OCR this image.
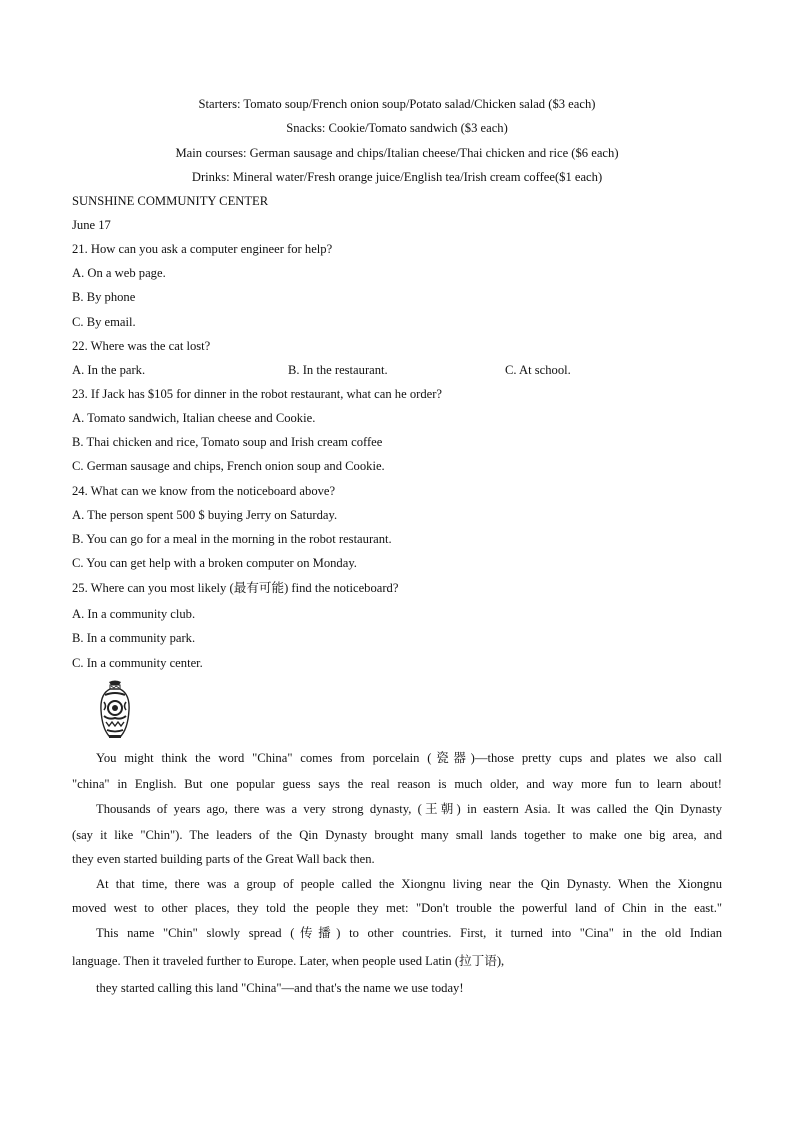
Starters: Tomato soup/French onion soup/Potato salad/Chicken salad ($3 each)
Snacks: Cookie/Tomato sandwich ($3 each)
Main courses: German sausage and chips/Italian cheese/Thai chicken and rice ($6 each)
Drinks: Mineral water/Fresh orange juice/English tea/Irish cream coffee($1 each)
SUNSHINE COMMUNITY CENTER
June 17
21. How can you ask a computer engineer for help?
A. On a web page.
B. By phone
C. By email.
22. Where was the cat lost?
A. In the park.	B. In the restaurant.	C. At school.
23. If Jack has $105 for dinner in the robot restaurant, what can he order?
A. Tomato sandwich, Italian cheese and Cookie.
B. Thai chicken and rice, Tomato soup and Irish cream coffee
C. German sausage and chips, French onion soup and Cookie.
24. What can we know from the noticeboard above?
A. The person spent 500 $ buying Jerry on Saturday.
B. You can go for a meal in the morning in the robot restaurant.
C. You can get help with a broken computer on Monday.
25. Where can you most likely (最有可能) find the noticeboard?
A. In a community club.
B. In a community park.
C. In a community center.
You might think the word "China" comes from porcelain (瓷器)—those pretty cups and plates we also call
"china" in English. But one popular guess says the real reason is much older, and way more fun to learn about!
Thousands of years ago, there was a very strong dynasty, (王朝) in eastern Asia. It was called the Qin Dynasty
(say it like "Chin"). The leaders of the Qin Dynasty brought many small lands together to make one big area, and
they even started building parts of the Great Wall back then.
At that time, there was a group of people called the Xiongnu living near the Qin Dynasty. When the Xiongnu
moved west to other places, they told the people they met: "Don't trouble the powerful land of Chin in the east."
This name "Chin" slowly spread (传播) to other countries. First, it turned into "Cina" in the old Indian
language. Then it traveled further to Europe. Later, when people used Latin (拉丁语),
they started calling this land "China"—and that's the name we use today!
